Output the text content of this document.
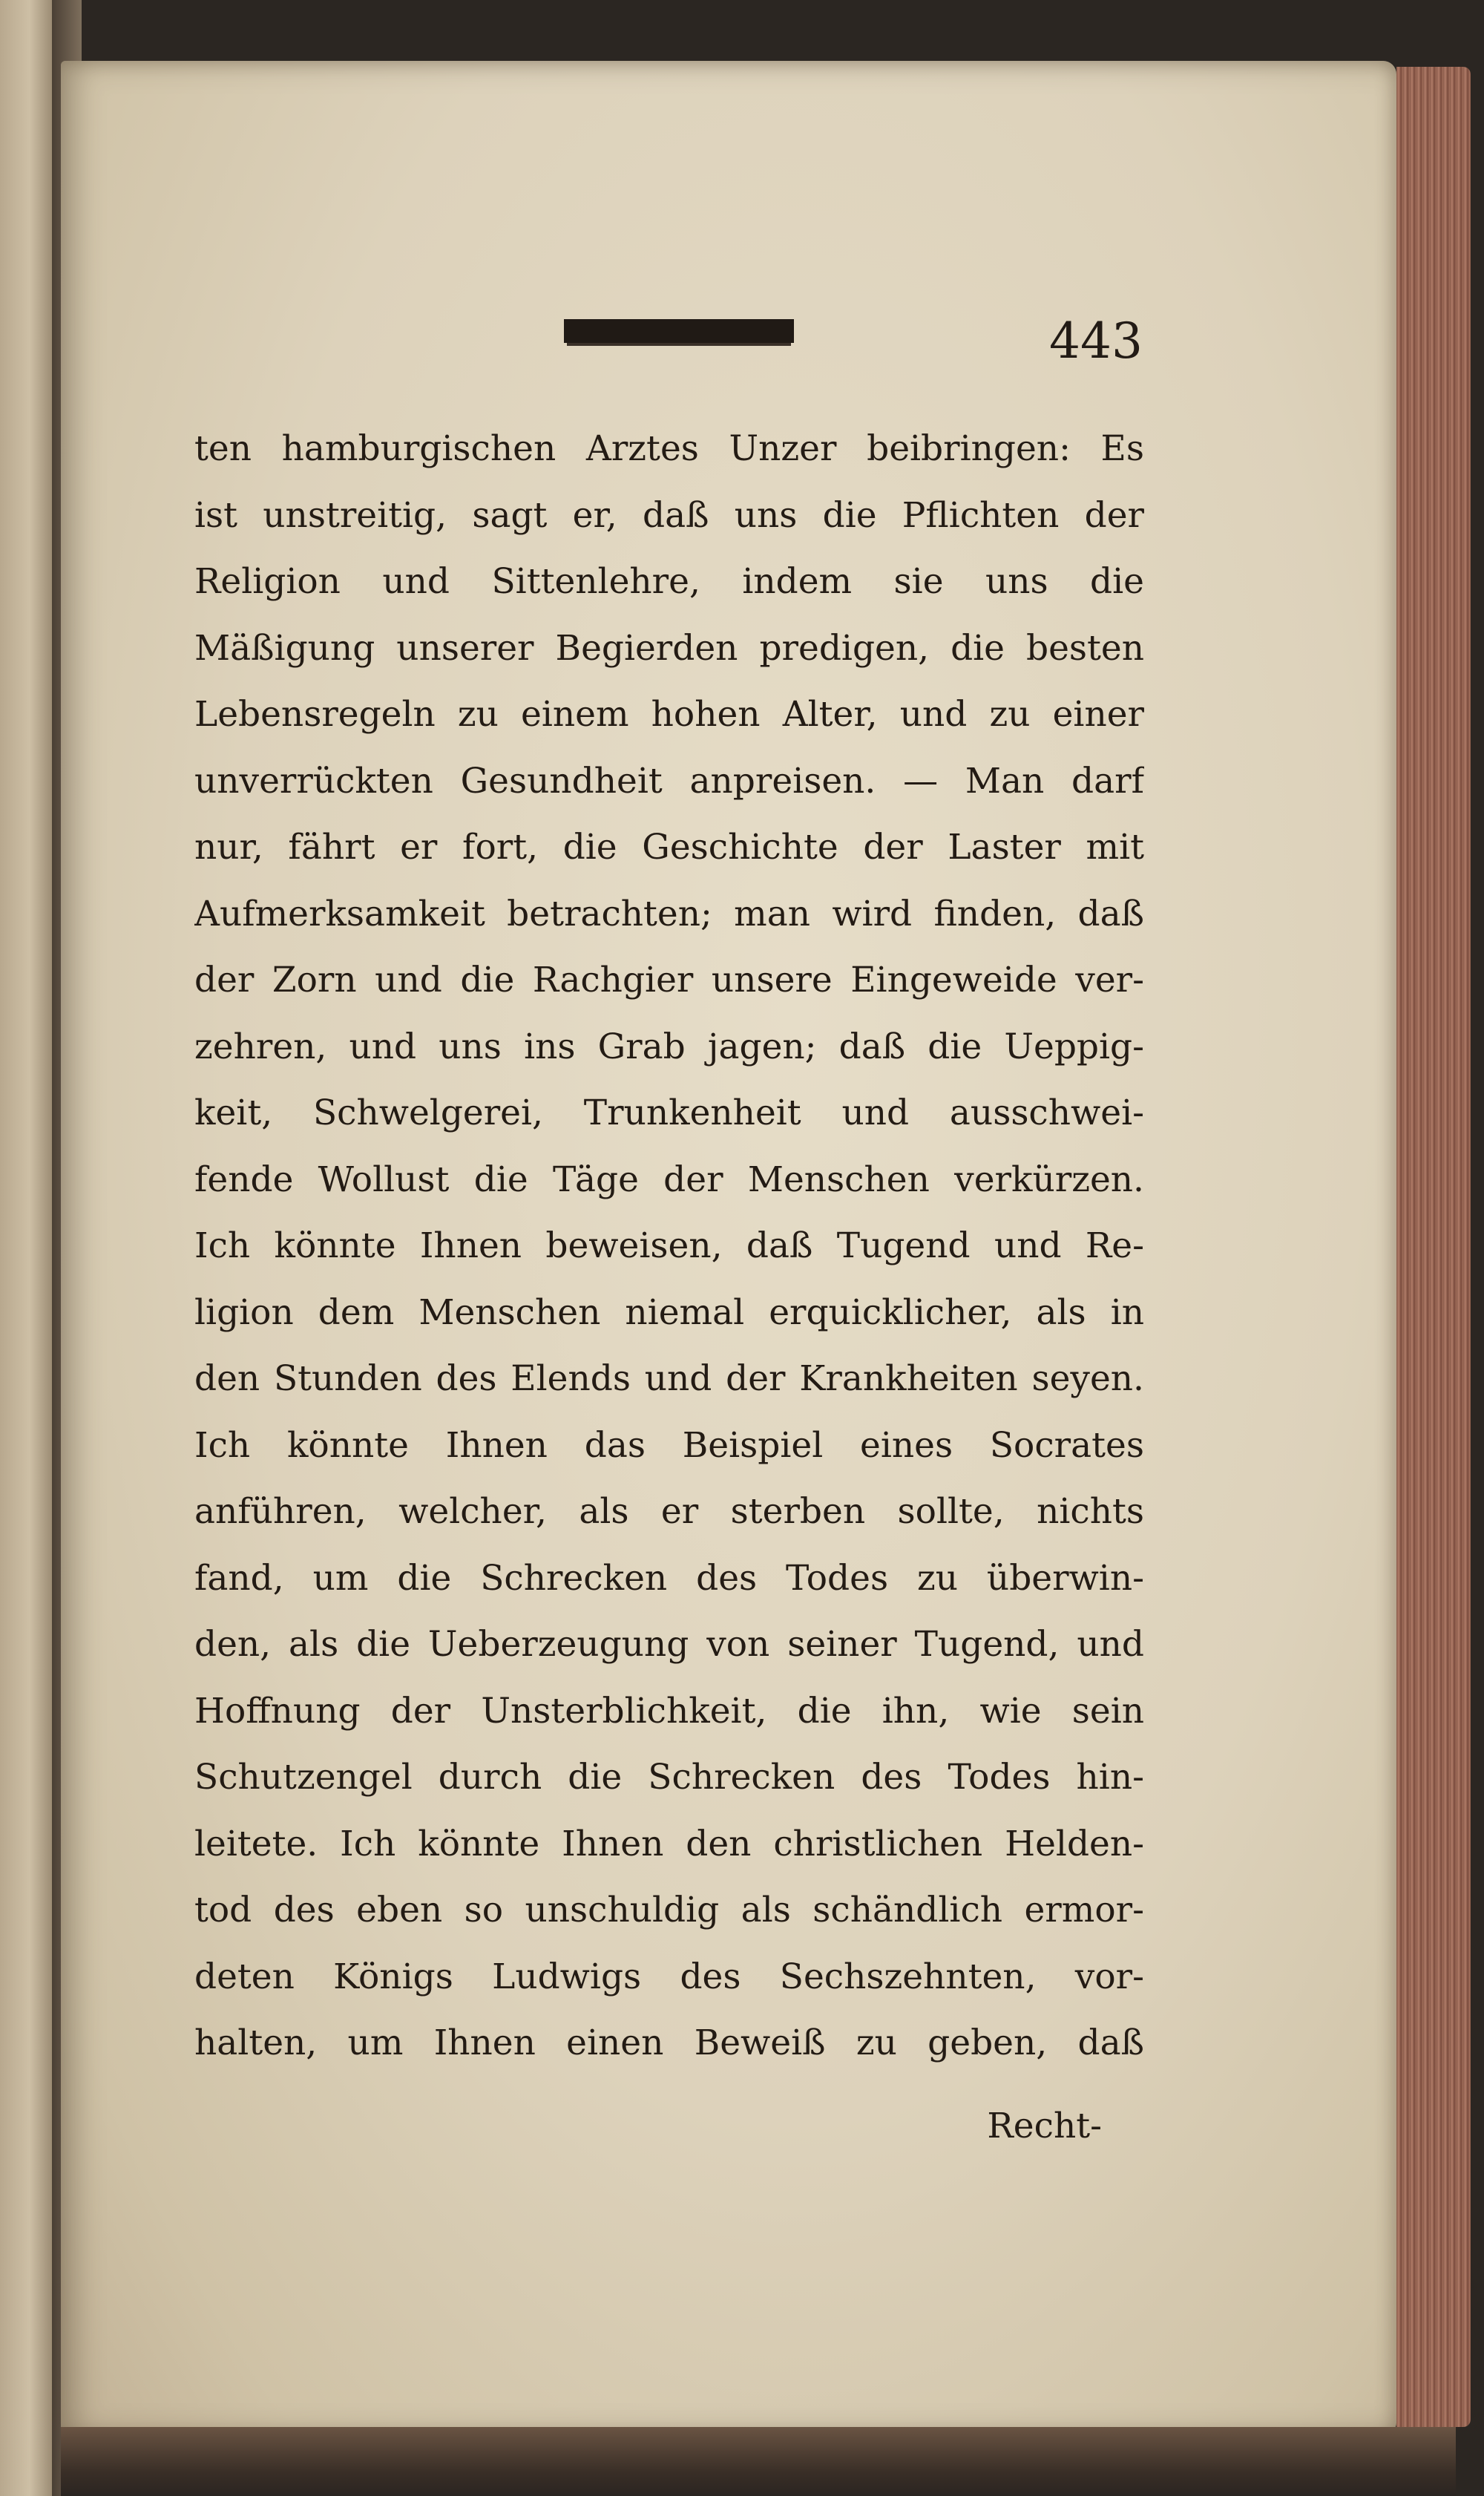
443
ten hamburgischen Arztes Unzer beibringen: Es
ist unstreitig, sagt er, daß uns die Pflichten der
Religion und Sittenlehre, indem sie uns die
Mäßigung unserer Begierden predigen, die besten
Lebensregeln zu einem hohen Alter, und zu einer
unverrückten Gesundheit anpreisen. — Man darf
nur, fährt er fort, die Geschichte der Laster mit
Aufmerksamkeit betrachten; man wird finden, daß
der Zorn und die Rachgier unsere Eingeweide ver-
zehren, und uns ins Grab jagen; daß die Ueppig-
keit, Schwelgerei, Trunkenheit und ausschwei-
fende Wollust die Täge der Menschen verkürzen.
Ich könnte Ihnen beweisen, daß Tugend und Re-
ligion dem Menschen niemal erquicklicher, als in
den Stunden des Elends und der Krankheiten seyen.
Ich könnte Ihnen das Beispiel eines Socrates
anführen, welcher, als er sterben sollte, nichts
fand, um die Schrecken des Todes zu überwin-
den, als die Ueberzeugung von seiner Tugend, und
Hoffnung der Unsterblichkeit, die ihn, wie sein
Schutzengel durch die Schrecken des Todes hin-
leitete. Ich könnte Ihnen den christlichen Helden-
tod des eben so unschuldig als schändlich ermor-
deten Königs Ludwigs des Sechszehnten, vor-
halten, um Ihnen einen Beweiß zu geben, daß
Recht-
